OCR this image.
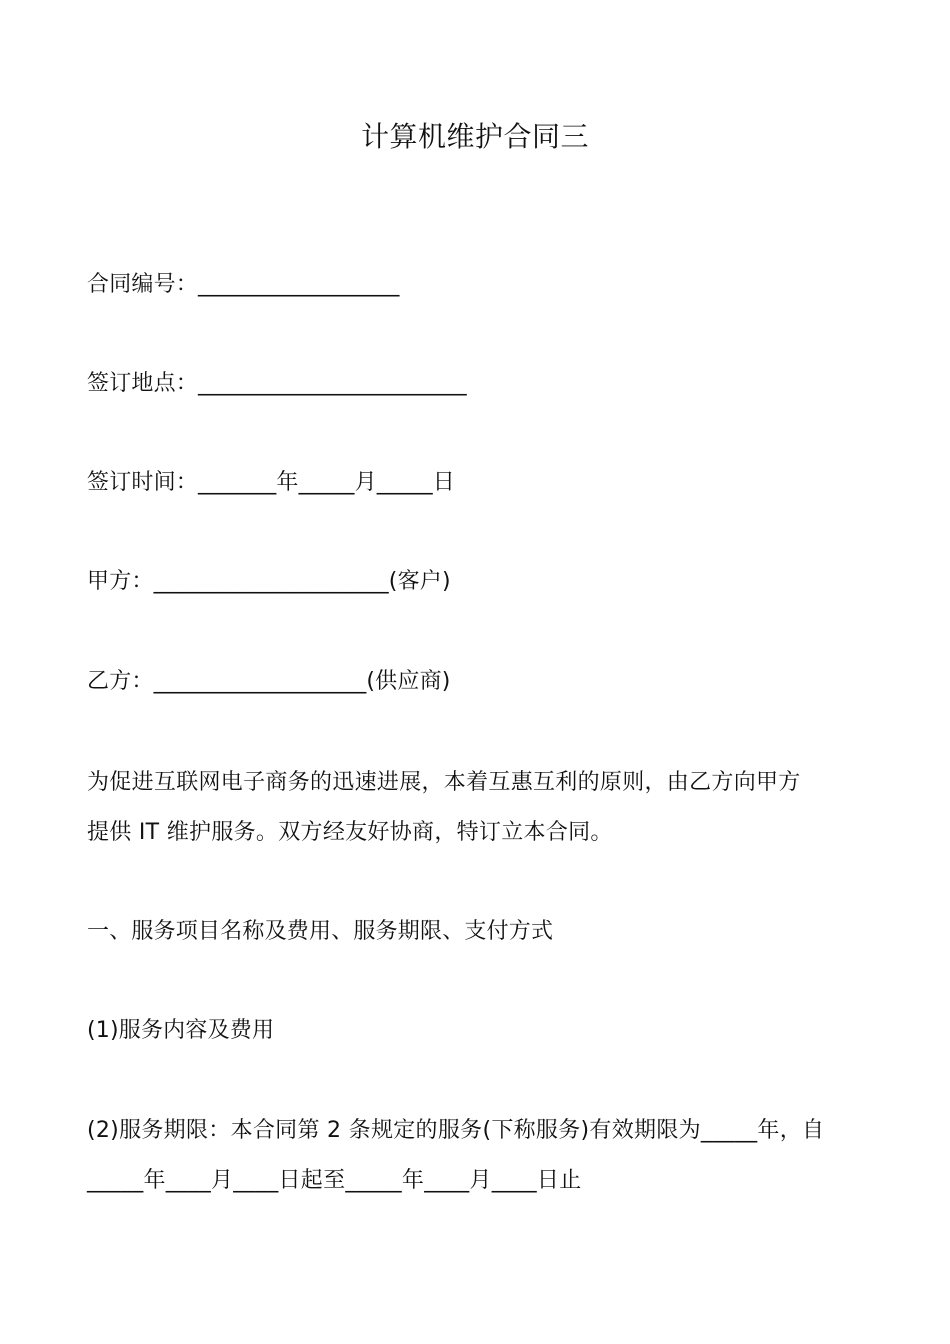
计算机维护合同三
合同编号：__________________
签订地点：________________________
签订时间：_______年_____月_____日
甲方：_____________________(客户)
乙方：___________________(供应商)

为促进互联网电子商务的迅速进展，本着互惠互利的原则，由乙方向甲方

提供 IT 维护服务。双方经友好协商，特订立本合同。

一、服务项目名称及费用、服务期限、支付方式
(1)服务内容及费用

(2)服务期限：本合同第 2 条规定的服务(下称服务)有效期限为_____年，自

_____年____月____日起至_____年____月____日止
